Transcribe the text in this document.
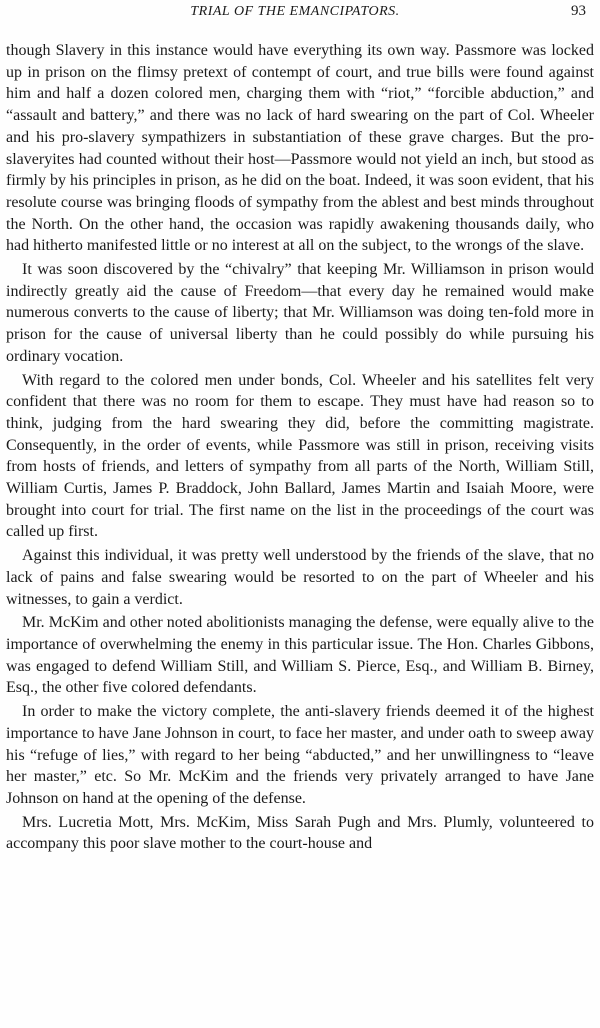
TRIAL OF THE EMANCIPATORS.	93

though Slavery in this instance would have everything its own way. Passmore was locked up in prison on the flimsy pretext of contempt of court, and true bills were found against him and half a dozen colored men, charging them with “riot,” “forcible abduction,” and “assault and battery,” and there was no lack of hard swearing on the part of Col. Wheeler and his pro-slavery sympathizers in substantiation of these grave charges. But the pro-slaveryites had counted without their host—Passmore would not yield an inch, but stood as firmly by his principles in prison, as he did on the boat. Indeed, it was soon evident, that his resolute course was bringing floods of sympathy from the ablest and best minds throughout the North. On the other hand, the occasion was rapidly awakening thousands daily, who had hitherto manifested little or no interest at all on the subject, to the wrongs of the slave.

It was soon discovered by the “chivalry” that keeping Mr. Williamson in prison would indirectly greatly aid the cause of Freedom—that every day he remained would make numerous converts to the cause of liberty; that Mr. Williamson was doing ten-fold more in prison for the cause of universal liberty than he could possibly do while pursuing his ordinary vocation.

With regard to the colored men under bonds, Col. Wheeler and his satellites felt very confident that there was no room for them to escape. They must have had reason so to think, judging from the hard swearing they did, before the committing magistrate. Consequently, in the order of events, while Passmore was still in prison, receiving visits from hosts of friends, and letters of sympathy from all parts of the North, William Still, William Curtis, James P. Braddock, John Ballard, James Martin and Isaiah Moore, were brought into court for trial. The first name on the list in the proceedings of the court was called up first.

Against this individual, it was pretty well understood by the friends of the slave, that no lack of pains and false swearing would be resorted to on the part of Wheeler and his witnesses, to gain a verdict.

Mr. McKim and other noted abolitionists managing the defense, were equally alive to the importance of overwhelming the enemy in this particular issue. The Hon. Charles Gibbons, was engaged to defend William Still, and William S. Pierce, Esq., and William B. Birney, Esq., the other five colored defendants.

In order to make the victory complete, the anti-slavery friends deemed it of the highest importance to have Jane Johnson in court, to face her master, and under oath to sweep away his “refuge of lies,” with regard to her being “abducted,” and her unwillingness to “leave her master,” etc. So Mr. McKim and the friends very privately arranged to have Jane Johnson on hand at the opening of the defense.

Mrs. Lucretia Mott, Mrs. McKim, Miss Sarah Pugh and Mrs. Plumly, volunteered to accompany this poor slave mother to the court-house and
